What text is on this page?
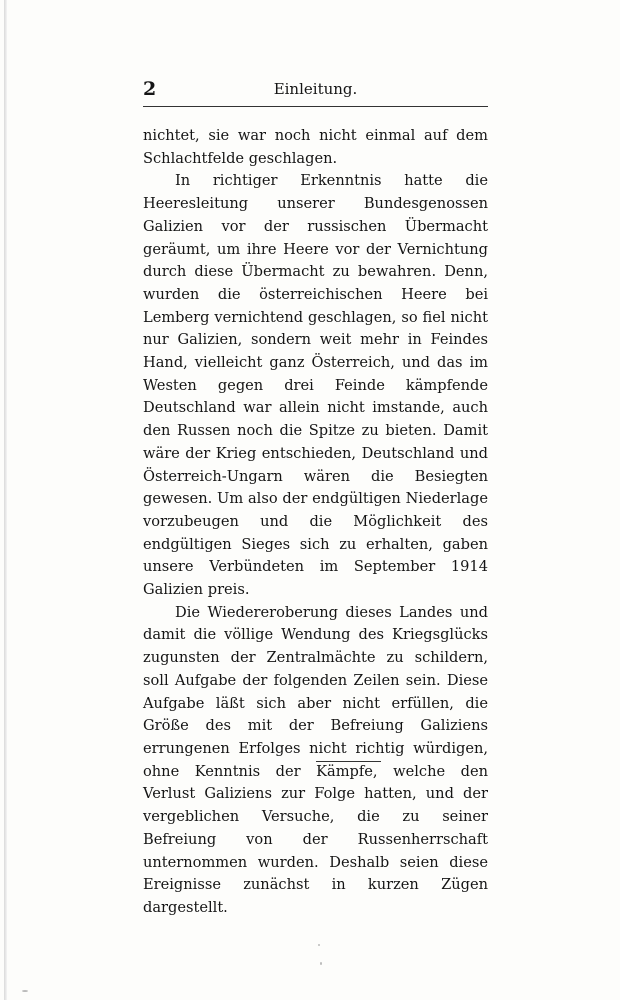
2	Einleitung.

nichtet, sie war noch nicht einmal auf dem Schlachtfelde geschlagen.

In richtiger Erkenntnis hatte die Heeresleitung unserer Bundesgenossen Galizien vor der russischen Übermacht geräumt, um ihre Heere vor der Vernichtung durch diese Übermacht zu bewahren. Denn, wurden die österreichischen Heere bei Lemberg vernichtend geschlagen, so fiel nicht nur Galizien, sondern weit mehr in Feindes Hand, vielleicht ganz Österreich, und das im Westen gegen drei Feinde kämpfende Deutschland war allein nicht imstande, auch den Russen noch die Spitze zu bieten. Damit wäre der Krieg entschieden, Deutschland und Österreich-Ungarn wären die Besiegten gewesen. Um also der endgültigen Niederlage vorzubeugen und die Möglichkeit des endgültigen Sieges sich zu erhalten, gaben unsere Verbündeten im September 1914 Galizien preis.

Die Wiedereroberung dieses Landes und damit die völlige Wendung des Kriegsglücks zugunsten der Zentralmächte zu schildern, soll Aufgabe der folgenden Zeilen sein. Diese Aufgabe läßt sich aber nicht erfüllen, die Größe des mit der Befreiung Galiziens errungenen Erfolges nicht richtig würdigen, ohne Kenntnis der Kämpfe, welche den Verlust Galiziens zur Folge hatten, und der vergeblichen Versuche, die zu seiner Befreiung von der Russenherrschaft unternommen wurden. Deshalb seien diese Ereignisse zunächst in kurzen Zügen dargestellt.
